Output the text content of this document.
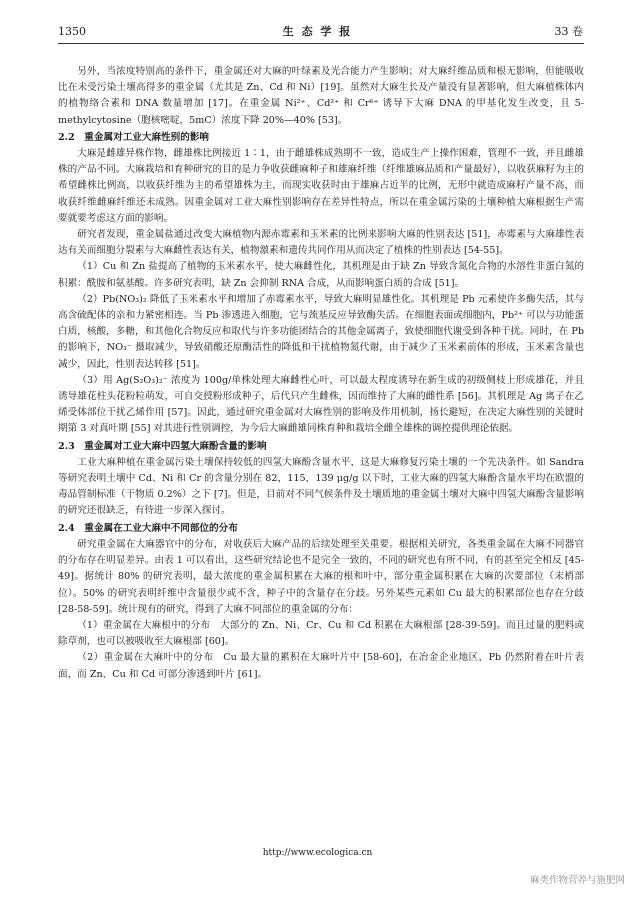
1350	生 态 学 报	33 卷

另外，当浓度特别高的条件下，重金属还对大麻的叶绿素及光合能力产生影响；对大麻纤维品质和根无影响，但能吸收比在未受污染土壤高得多的重金属（尤其是 Zn、Cd 和 Ni）[19]。虽然对大麻生长及产量没有显著影响，但大麻植株体内的植物络合素和 DNA 数量增加 [17]。在重金属 Ni²⁺、Cd²⁺ 和 Cr⁶⁺ 诱导下大麻 DNA 的甲基化发生改变，且 5-methylcytosine（胞核嘧啶，5mC）浓度下降 20%—40% [53]。

2.2　重金属对工业大麻性别的影响

大麻是雌雄异株作物，雌雄株比例接近 1∶1，由于雌雄株成熟期不一致，造成生产上操作困难，管理不一致，并且雌雄株的产品不同。大麻栽培和育种研究的目的是力争收获雌麻种子和雄麻纤维（纤维雄麻品质和产量最好），以收获麻籽为主的希望雌株比例高，以收获纤维为主的希望雄株为主，而现实收获时由于雄麻占近半的比例，无形中就造成麻籽产量不高，而收获纤维雌麻纤维还未成熟。因重金属对工业大麻性别影响存在差异性特点，所以在重金属污染的土壤种植大麻根据生产需要就要考虑这方面的影响。

研究者发现，重金属盐通过改变大麻植物内源赤霉素和玉米素的比例来影响大麻的性别表达 [51]，赤霉素与大麻雄性表达有关而细胞分裂素与大麻雌性表达有关，植物激素和遗传共同作用从而决定了植株的性别表达 [54-55]。

（1）Cu 和 Zn 盐提高了植物的玉米素水平，使大麻雌性化，其机理是由于缺 Zn 导致含氮化合物的水溶性非蛋白氮的积累：酰胺和氨基酸。许多研究表明，缺 Zn 会抑制 RNA 合成，从而影响蛋白质的合成 [51]。

（2）Pb(NO₃)₂ 降低了玉米素水平和增加了赤霉素水平，导致大麻明显雄性化。其机理是 Pb 元素使许多酶失活，其与高含硫配体的亲和力紧密相连。当 Pb 渗透进入细胞，它与巯基反应导致酶失活。在细胞表面或细胞内，Pb²⁺ 可以与功能蛋白质，核酸，多糖，和其他化合物反应和取代与许多功能团结合的其他金属离子，致使细胞代谢受到各种干扰。同时，在 Pb 的影响下，NO₃⁻ 摄取减少，导致硝酸还原酶活性的降低和干扰植物氮代谢，由于减少了玉米素前体的形成，玉米素含量也减少，因此，性别表达转移 [51]。

（3）用 Ag(S₂O₃)₂⁻ 浓度为 100g/单株处理大麻雌性心叶，可以最大程度诱导在新生成的初级侧枝上形成雄花，并且诱导雄花柱头花粉粒萌发，可自交授粉形成种子，后代只产生雌株，因而维持了大麻的雌性系 [56]。其机理是 Ag 离子在乙烯受体部位干扰乙烯作用 [57]。因此，通过研究重金属对大麻性别的影响及作用机制，扬长避短，在决定大麻性别的关键时期第 3 对真叶期 [55] 对其进行性别调控，为今后大麻雌雄同株育种和栽培全雌全雄株的调控提供理论依据。

2.3　重金属对工业大麻中四氢大麻酚含量的影响

工业大麻种植在重金属污染土壤保持较低的四氢大麻酚含量水平，这是大麻修复污染土壤的一个先决条件。如 Sandra 等研究表明土壤中 Cd、Ni 和 Cr 的含量分别在 82，115，139 μg/g 以下时，工业大麻的四氢大麻酚含量水平均在欧盟的毒品管制标准（干物质 0.2%）之下 [7]。但是，目前对不同气候条件及土壤质地的重金属土壤对大麻中四氢大麻酚含量影响的研究还很缺乏，有待进一步深入探讨。

2.4　重金属在工业大麻中不同部位的分布

研究重金属在大麻器官中的分布，对收获后大麻产品的后续处理至关重要。根据相关研究，各类重金属在大麻不同器官的分布存在明显差异。由表 1 可以看出，这些研究结论也不是完全一致的，不同的研究也有所不同，有的甚至完全相反 [45-49]。据统计 80% 的研究表明，最大浓度的重金属积累在大麻的根和叶中，部分重金属积累在大麻的次要部位（末梢部位）。50% 的研究表明纤维中含量很少或不含，种子中的含量存在分歧。另外某些元素如 Cu 最大的积累部位也存在分歧 [28-58-59]。统计现有的研究，得到了大麻不同部位的重金属的分布：

（1）重金属在大麻根中的分布　大部分的 Zn、Ni、Cr、Cu 和 Cd 积累在大麻根部 [28-39-59]。而且过量的肥料或除草剂，也可以被吸收至大麻根部 [60]。

（2）重金属在大麻叶中的分布　Cu 最大量的累积在大麻叶片中 [58-60]，在冶金企业地区，Pb 仍然附着在叶片表面，而 Zn、Cu 和 Cd 可部分渗透到叶片 [61]。

http://www.ecologica.cn
麻类作物营养与施肥网
